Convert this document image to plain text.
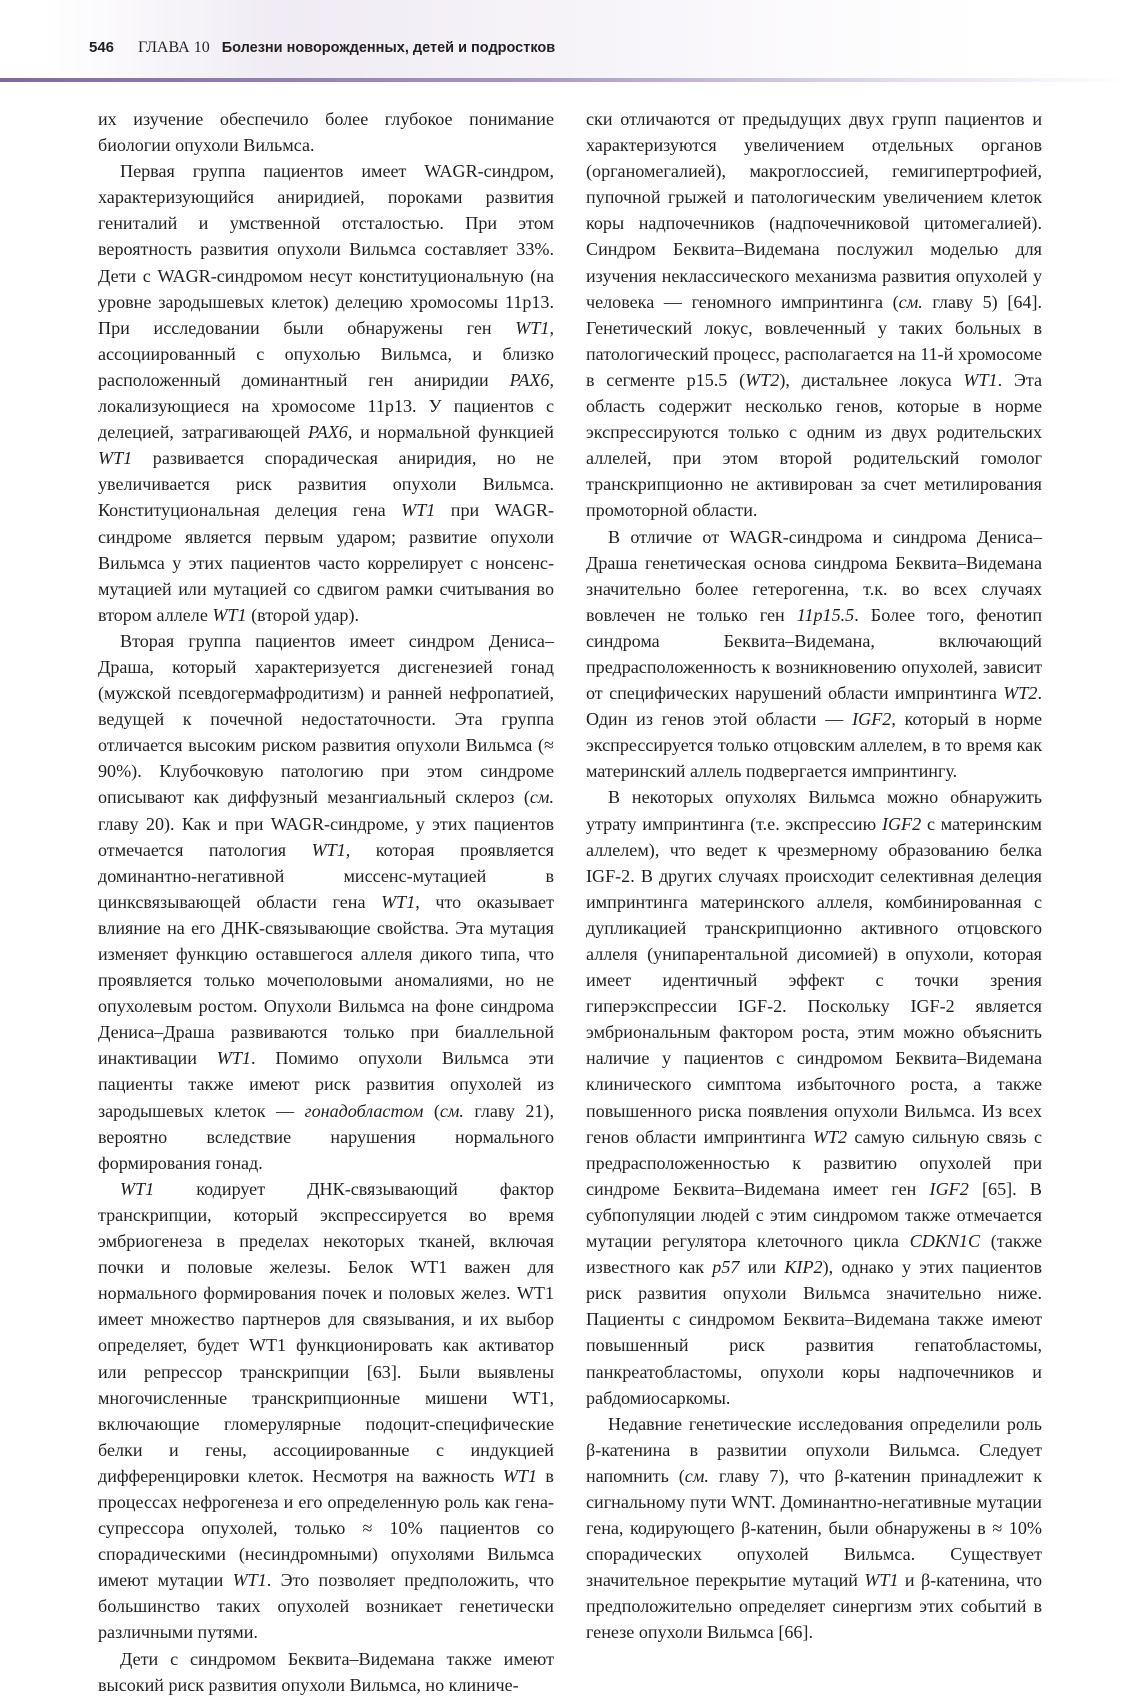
546 ГЛАВА 10 Болезни новорожденных, детей и подростков

их изучение обеспечило более глубокое понимание биологии опухоли Вильмса.

Первая группа пациентов имеет WAGR-синдром, характеризующийся аниридией, пороками развития гениталий и умственной отсталостью. При этом вероятность развития опухоли Вильмса составляет 33%. Дети с WAGR-синдромом несут конституциональную (на уровне зародышевых клеток) делецию хромосомы 11p13. При исследовании были обнаружены ген WT1, ассоциированный с опухолью Вильмса, и близко расположенный доминантный ген аниридии PAX6, локализующиеся на хромосоме 11p13. У пациентов с делецией, затрагивающей PAX6, и нормальной функцией WT1 развивается спорадическая аниридия, но не увеличивается риск развития опухоли Вильмса. Конституциональная делеция гена WT1 при WAGR-синдроме является первым ударом; развитие опухоли Вильмса у этих пациентов часто коррелирует с нонсенс-мутацией или мутацией со сдвигом рамки считывания во втором аллеле WT1 (второй удар).

Вторая группа пациентов имеет синдром Дениса–Драша, который характеризуется дисгенезией гонад (мужской псевдогермафродитизм) и ранней нефропатией, ведущей к почечной недостаточности. Эта группа отличается высоким риском развития опухоли Вильмса (≈ 90%). Клубочковую патологию при этом синдроме описывают как диффузный мезангиальный склероз (см. главу 20). Как и при WAGR-синдроме, у этих пациентов отмечается патология WT1, которая проявляется доминантно-негативной миссенс-мутацией в цинксвязывающей области гена WT1, что оказывает влияние на его ДНК-связывающие свойства. Эта мутация изменяет функцию оставшегося аллеля дикого типа, что проявляется только мочеполовыми аномалиями, но не опухолевым ростом. Опухоли Вильмса на фоне синдрома Дениса–Драша развиваются только при биаллельной инактивации WT1. Помимо опухоли Вильмса эти пациенты также имеют риск развития опухолей из зародышевых клеток — гонадобластом (см. главу 21), вероятно вследствие нарушения нормального формирования гонад.

WT1 кодирует ДНК-связывающий фактор транскрипции, который экспрессируется во время эмбриогенеза в пределах некоторых тканей, включая почки и половые железы. Белок WT1 важен для нормального формирования почек и половых желез. WT1 имеет множество партнеров для связывания, и их выбор определяет, будет WT1 функционировать как активатор или репрессор транскрипции [63]. Были выявлены многочисленные транскрипционные мишени WT1, включающие гломерулярные подоцит-специфические белки и гены, ассоциированные с индукцией дифференцировки клеток. Несмотря на важность WT1 в процессах нефрогенеза и его определенную роль как гена-супрессора опухолей, только ≈ 10% пациентов со спорадическими (несиндромными) опухолями Вильмса имеют мутации WT1. Это позволяет предположить, что большинство таких опухолей возникает генетически различными путями.

Дети с синдромом Беквита–Видемана также имеют высокий риск развития опухоли Вильмса, но клиниче-

ски отличаются от предыдущих двух групп пациентов и характеризуются увеличением отдельных органов (органомегалией), макроглоссией, гемигипертрофией, пупочной грыжей и патологическим увеличением клеток коры надпочечников (надпочечниковой цитомегалией). Синдром Беквита–Видемана послужил моделью для изучения неклассического механизма развития опухолей у человека — геномного импринтинга (см. главу 5) [64]. Генетический локус, вовлеченный у таких больных в патологический процесс, располагается на 11-й хромосоме в сегменте p15.5 (WT2), дистальнее локуса WT1. Эта область содержит несколько генов, которые в норме экспрессируются только с одним из двух родительских аллелей, при этом второй родительский гомолог транскрипционно не активирован за счет метилирования промоторной области.

В отличие от WAGR-синдрома и синдрома Дениса–Драша генетическая основа синдрома Беквита–Видемана значительно более гетерогенна, т.к. во всех случаях вовлечен не только ген 11p15.5. Более того, фенотип синдрома Беквита–Видемана, включающий предрасположенность к возникновению опухолей, зависит от специфических нарушений области импринтинга WT2. Один из генов этой области — IGF2, который в норме экспрессируется только отцовским аллелем, в то время как материнский аллель подвергается импринтингу.

В некоторых опухолях Вильмса можно обнаружить утрату импринтинга (т.е. экспрессию IGF2 с материнским аллелем), что ведет к чрезмерному образованию белка IGF-2. В других случаях происходит селективная делеция импринтинга материнского аллеля, комбинированная с дупликацией транскрипционно активного отцовского аллеля (унипарентальной дисомией) в опухоли, которая имеет идентичный эффект с точки зрения гиперэкспрессии IGF-2. Поскольку IGF-2 является эмбриональным фактором роста, этим можно объяснить наличие у пациентов с синдромом Беквита–Видемана клинического симптома избыточного роста, а также повышенного риска появления опухоли Вильмса. Из всех генов области импринтинга WT2 самую сильную связь с предрасположенностью к развитию опухолей при синдроме Беквита–Видемана имеет ген IGF2 [65]. В субпопуляции людей с этим синдромом также отмечается мутации регулятора клеточного цикла CDKN1C (также известного как p57 или KIP2), однако у этих пациентов риск развития опухоли Вильмса значительно ниже. Пациенты с синдромом Беквита–Видемана также имеют повышенный риск развития гепатобластомы, панкреатобластомы, опухоли коры надпочечников и рабдомиосаркомы.

Недавние генетические исследования определили роль β-катенина в развитии опухоли Вильмса. Следует напомнить (см. главу 7), что β-катенин принадлежит к сигнальному пути WNT. Доминантно-негативные мутации гена, кодирующего β-катенин, были обнаружены в ≈ 10% спорадических опухолей Вильмса. Существует значительное перекрытие мутаций WT1 и β-катенина, что предположительно определяет синергизм этих событий в генезе опухоли Вильмса [66].
